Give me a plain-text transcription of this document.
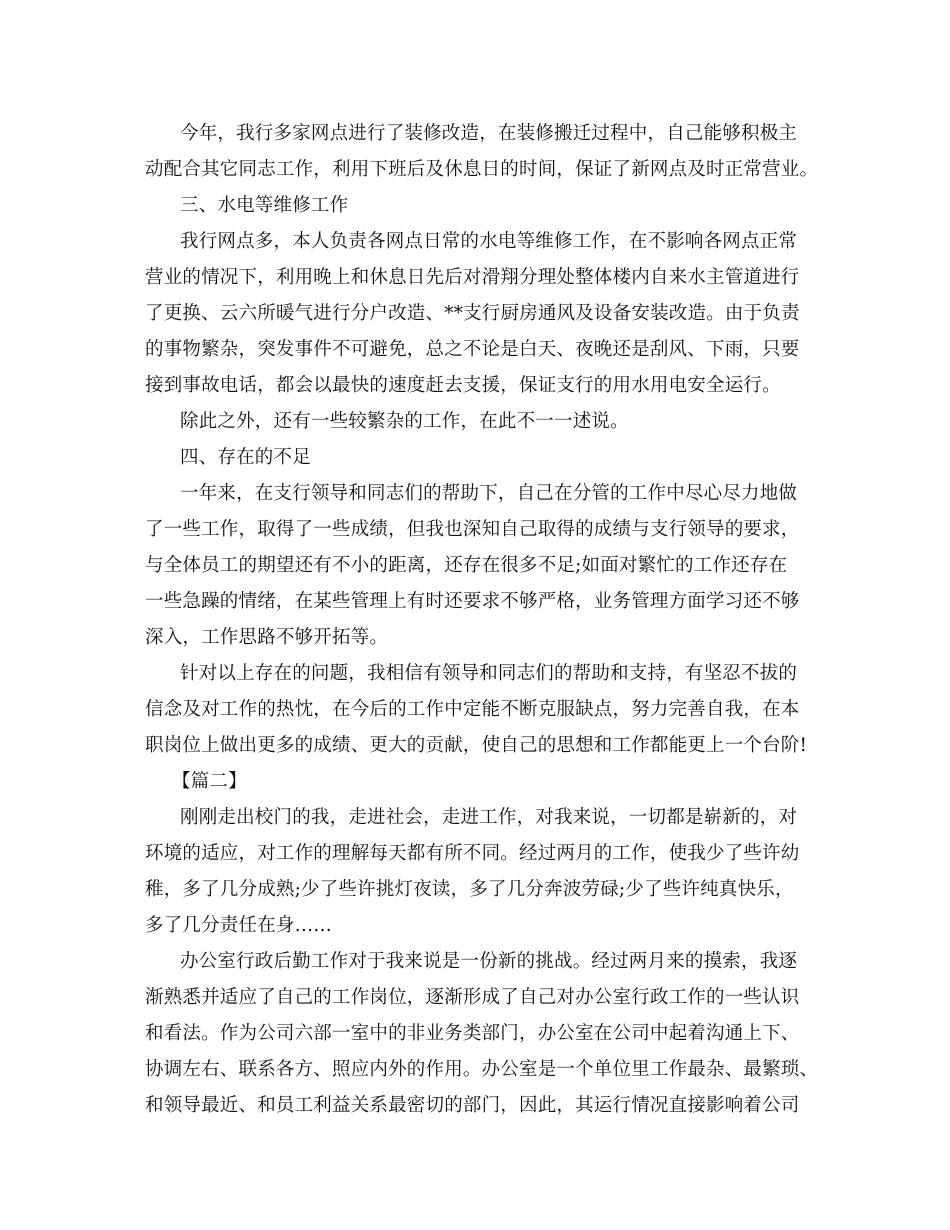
今年，我行多家网点进行了装修改造，在装修搬迁过程中，自己能够积极主
动配合其它同志工作，利用下班后及休息日的时间，保证了新网点及时正常营业。
三、水电等维修工作
我行网点多，本人负责各网点日常的水电等维修工作，在不影响各网点正常
营业的情况下，利用晚上和休息日先后对滑翔分理处整体楼内自来水主管道进行
了更换、云六所暖气进行分户改造、**支行厨房通风及设备安装改造。由于负责
的事物繁杂，突发事件不可避免，总之不论是白天、夜晚还是刮风、下雨，只要
接到事故电话，都会以最快的速度赶去支援，保证支行的用水用电安全运行。
除此之外，还有一些较繁杂的工作，在此不一一述说。
四、存在的不足
一年来，在支行领导和同志们的帮助下，自己在分管的工作中尽心尽力地做
了一些工作，取得了一些成绩，但我也深知自己取得的成绩与支行领导的要求，
与全体员工的期望还有不小的距离，还存在很多不足;如面对繁忙的工作还存在
一些急躁的情绪，在某些管理上有时还要求不够严格，业务管理方面学习还不够
深入，工作思路不够开拓等。
针对以上存在的问题，我相信有领导和同志们的帮助和支持，有坚忍不拔的
信念及对工作的热忱，在今后的工作中定能不断克服缺点，努力完善自我，在本
职岗位上做出更多的成绩、更大的贡献，使自己的思想和工作都能更上一个台阶!
【篇二】
刚刚走出校门的我，走进社会，走进工作，对我来说，一切都是崭新的，对
环境的适应，对工作的理解每天都有所不同。经过两月的工作，使我少了些许幼
稚，多了几分成熟;少了些许挑灯夜读，多了几分奔波劳碌;少了些许纯真快乐，
多了几分责任在身……
办公室行政后勤工作对于我来说是一份新的挑战。经过两月来的摸索，我逐
渐熟悉并适应了自己的工作岗位，逐渐形成了自己对办公室行政工作的一些认识
和看法。作为公司六部一室中的非业务类部门，办公室在公司中起着沟通上下、
协调左右、联系各方、照应内外的作用。办公室是一个单位里工作最杂、最繁琐、
和领导最近、和员工利益关系最密切的部门，因此，其运行情况直接影响着公司
